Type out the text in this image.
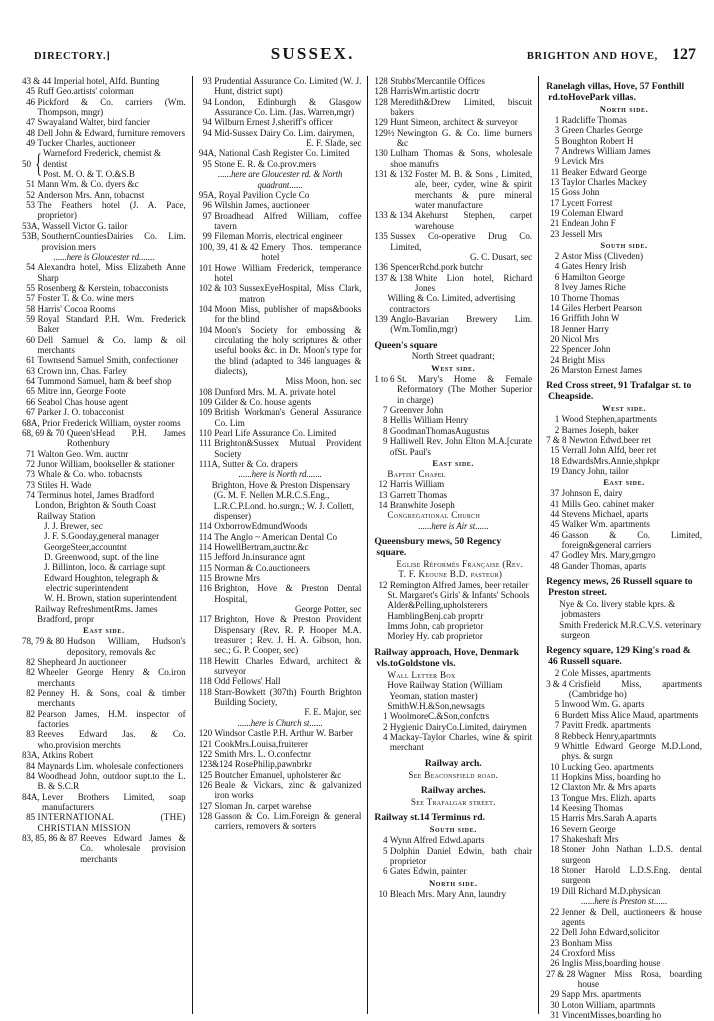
DIRECTORY.]	SUSSEX.	BRIGHTON AND HOVE, 127
43 & 44 Imperial hotel, Alfd. Bunting
45 Ruff Geo.artists' colorman
46 Pickford & Co. carriers (Wm. Thompson, mngr)
47 Swayaland Walter, bird fancier
48 Dell John & Edward, furniture removers
49 Tucker Charles, auctioneer
50 { Warneford Frederick, chemist & dentist
Post. M. O. & T. O.&S.B
51 Mann Wm. & Co. dyers &c
52 Anderson Mrs. Ann, tobacnst
53 The Feathers hotel (J. A. Pace, proprietor)
53A, Wassell Victor G. tailor
53B, SouthernCountiesDairies Co. Lim. provision mers
......here is Gloucester rd.......
54 Alexandra hotel, Miss Elizabeth Anne Sharp
55 Rosenberg & Kerstein, tobacconists
57 Foster T. & Co. wine mers
58 Harris' Cocoa Rooms
59 Royal Standard P.H. Wm. Frederick Baker
60 Dell Samuel & Co. lamp & oil merchants
61 Townsend Samuel Smith, confectioner
63 Crown inn, Chas. Farley
64 Tummond Samuel, ham & beef shop
65 Mitre inn, George Foote
66 Seabol Chas house agent
67 Parker J. O. tobacconist
68A, Prior Frederick William, oyster rooms
68, 69 & 70 Queen'sHead P.H. James Rothenbury
71 Walton Geo. Wm. auctnr
72 Junor William, bookseller & stationer
73 Whale & Co. who. tobacnsts
73 Stiles H. Wade
74 Terminus hotel, James Bradford
London, Brighton & South Coast Railway Station
J. J. Brewer, sec
J. F. S.Gooday,general manager
GeorgeSteer,accountnt
D. Greenwood, supt. of the line
J. Billinton, loco. & carriage supt
Edward Houghton, telegraph & electric superintendent
W. H. Brown, station superintendent
Railway RefreshmentRms. James Bradford, propr
East side.
78, 79 & 80 Hudson William, Hudson's depository, removals &c
82 Shepheard Jn auctioneer
82 Wheeler George Henry & Co.iron merchants
82 Penney H. & Sons, coal & timber merchants
82 Pearson James, H.M. inspector of factories
83 Reeves Edward Jas. & Co. who.provision merchts
83A, Atkins Robert
84 Maynards Lim. wholesale confectioners
84 Woodhead John, outdoor supt.to the L. B. & S.C.R
84A, Lever Brothers Limited, soap manufacturers
85 INTERNATIONAL (THE) CHRISTIAN MISSION
83, 85, 86 & 87 Reeves Edward James & Co. wholesale provision merchants
93 Prudential Assurance Co. Limited (W. J. Hunt, district supt)
94 London, Edinburgh & Glasgow Assurance Co. Lim. (Jas. Warren,mgr)
94 Wilburn Ernest J.sheriff's officer
94 Mid-Sussex Dairy Co. Lim. dairymen,
E. F. Slade, sec
94A, National Cash Register Co. Limited
95 Stone E. R. & Co.prov.mers
......here are Gloucester rd. & North quadrant......
95A, Royal Pavilion Cycle Co
96 Wilshin James, auctioneer
97 Broadhead Alfred William, coffee tavern
99 Fileman Morris, electrical engineer
100, 39, 41 & 42 Emery Thos. temperance hotel
101 Howe William Frederick, temperance hotel
102 & 103 SussexEyeHospital, Miss Clark, matron
104 Moon Miss, publisher of maps&books for the blind
104 Moon's Society for embossing & circulating the holy scriptures & other useful books &c. in Dr. Moon's type for the blind (adapted to 346 languages & dialects),
Miss Moon, hon. sec
108 Dunford Mrs. M. A. private hotel
109 Gilder & Co. house agents
109 British Workman's General Assurance Co. Lim
110 Pearl Life Assurance Co. Limited
111 Brighton&Sussex Mutual Provident Society
111A, Sutter & Co. drapers
......here is North rd.......
Brighton, Hove & Preston Dispensary (G. M. F. Nellen M.R.C.S.Eng., L.R.C.P.Lond. ho.surgn.; W. J. Collett, dispenser)
114 OxborrowEdmundWoods
114 The Anglo ~ American Dental Co
114 HowellBertram,auctnr.&c
115 Jefford Jn.insurance agnt
115 Norman & Co.auctioneers
115 Browne Mrs
116 Brighton, Hove & Preston Dental Hospital,
George Potter, sec
117 Brighton, Hove & Preston Provident Dispensary (Rev. R. P. Hooper M.A. treasurer ; Rev. J. H. A. Gibson, hon. sec.; G. P. Cooper, sec)
118 Hewitt Charles Edward, architect & surveyor
118 Odd Fellows' Hall
118 Starr-Bowkett (307th) Fourth Brighton Building Society,
F. E. Major, sec
......here is Church st......
120 Windsor Castle P.H. Arthur W. Barber
121 CookMrs.Louisa,fruiterer
122 Smith Mrs. L. O.confectnr
123&124 RosePhilip,pawnbrkr
125 Boutcher Emanuel, upholsterer &c
126 Beale & Vickars, zinc & galvanized iron works
127 Sloman Jn. carpet warehse
128 Gasson & Co. Lim.Foreign & general carriers, removers & sorters
128 Stubbs'Mercantile Offices
128 HarrisWm.artistic docrtr
128 Meredith&Drew Limited, biscuit bakers
129 Hunt Simeon, architect & surveyor
129½ Newington G. & Co. lime burners &c
130 Lulham Thomas & Sons, wholesale shoe manufrs
131 & 132 Foster M. B. & Sons , Limited, ale, beer, cyder, wine & spirit merchants & pure mineral water manufacture
133 & 134 Akehurst Stephen, carpet warehouse
135 Sussex Co-operative Drug Co. Limited,
G. C. Dusart, sec
136 SpencerRchd.pork butchr
137 & 138 White Lion hotel, Richard Jones
Willing & Co. Limited, advertising contractors
139 Anglo-Bavarian Brewery Lim.(Wm.Tomlin,mgr)
Queen's square
North Street quadrant;
West side.
1 to 6 St. Mary's Home & Female Reformatory (The Mother Superior in charge)
7 Greenver John
8 Hellis William Henry
8 GoodmanThomasAugustus
9 Halliwell Rev. John Elton M.A.[curate ofSt. Paul's
East side.
Baptist Chapel
12 Harris William
13 Garrett Thomas
14 Branwhite Joseph
Congregational Church
......here is Air st......
Queensbury mews, 50 Regency square.
Eglise Réformés Française (Rev. T. F. Keoune B.D. pasteur)
12 Remington Alfred James, beer retailer
St. Margaret's Girls' & Infants' Schools
Alder&Pelling,upholsterers
HamblingBenj.cab proprtr
Imms John, cab proprietor
Morley Hy. cab proprietor
Railway approach, Hove, Denmark vls.toGoldstone vls.
Wall Letter Box
Hove Railway Station (William Yeoman, station master)
SmithW.H.&Son,newsagts
1 WoolmoreC.&Son,confctrs
2 Hygienic DairyCo.Limited, dairymen
4 Mackay-Taylor Charles, wine & spirit merchant
Railway arch.
See Beaconsfield road.
Railway arches.
See Trafalgar street.
Railway st.14 Terminus rd.
South side.
4 Wynn Alfred Edwd.aparts
5 Dolphin Daniel Edwin, bath chair proprietor
6 Gates Edwin, painter
North side.
10 Bleach Mrs. Mary Ann, laundry
Ranelagh villas, Hove, 57 Fonthill rd.toHovePark villas.
North side.
1 Radcliffe Thomas
3 Green Charles George
5 Boughton Robert H
7 Andrews William James
9 Levick Mrs
11 Beaker Edward George
13 Taylor Charles Mackey
15 Goss John
17 Lycett Forrest
19 Coleman Elward
21 Endean John F
23 Jessell Mrs
South side.
2 Astor Miss (Cliveden)
4 Gates Henry Irish
6 Hamilton George
8 Ivey James Riche
10 Thorne Thomas
14 Giles Herbert Pearson
16 Griffith John W
18 Jenner Harry
20 Nicol Mrs
22 Spencer John
24 Bright Miss
26 Marston Ernest James
Red Cross street, 91 Trafalgar st. to Cheapside.
West side.
1 Wood Stephen,apartments
2 Barnes Joseph, baker
7 & 8 Newton Edwd.beer ret
15 Verrall John Alfd, beer ret
18 EdwardsMrs.Annie,shpkpr
19 Dancy John, tailor
East side.
37 Johnson E, dairy
41 Mills Geo. cabinet maker
44 Stevens Michael, aparts
45 Walker Wm. apartments
46 Gasson & Co. Limited, foreign&general carriers
47 Godley Mrs. Mary,grngro
48 Gander Thomas, aparts
Regency mews, 26 Russell square to Preston street.
Nye & Co. livery stable kprs. & jobmasters
Smith Frederick M.R.C.V.S. veterinary surgeon
Regency square, 129 King's road & 46 Russell square.
2 Cole Misses, apartments
3 & 4 Crisfield Miss, apartments (Cambridge ho)
5 Inwood Wm. G. aparts
6 Burdett Miss Alice Maud, apartments
7 Pavitt Fredk. apartments
8 Rebbeck Henry,apartmnts
9 Whittle Edward George M.D.Lond, phys. & surgn
10 Lucking Geo. apartments
11 Hopkins Miss, boarding ho
12 Claxton Mr. & Mrs aparts
13 Tongue Mrs. Elizh. aparts
14 Keesing Thomas
15 Harris Mrs.Sarah A.aparts
16 Severn George
17 Shakeshaft Mrs
18 Stoner John Nathan L.D.S. dental surgeon
18 Stoner Harold L.D.S.Eng. dental surgeon
19 Dill Richard M.D.physican
......here is Preston st......
22 Jenner & Dell, auctioneers & house agents
22 Dell John Edward,solicitor
23 Bonham Miss
24 Croxford Miss
26 Inglis Miss,boarding house
27 & 28 Wagner Miss Rosa, boarding house
29 Sapp Mrs. apartments
30 Loton William, apartmnts
31 VincentMisses,boarding ho
